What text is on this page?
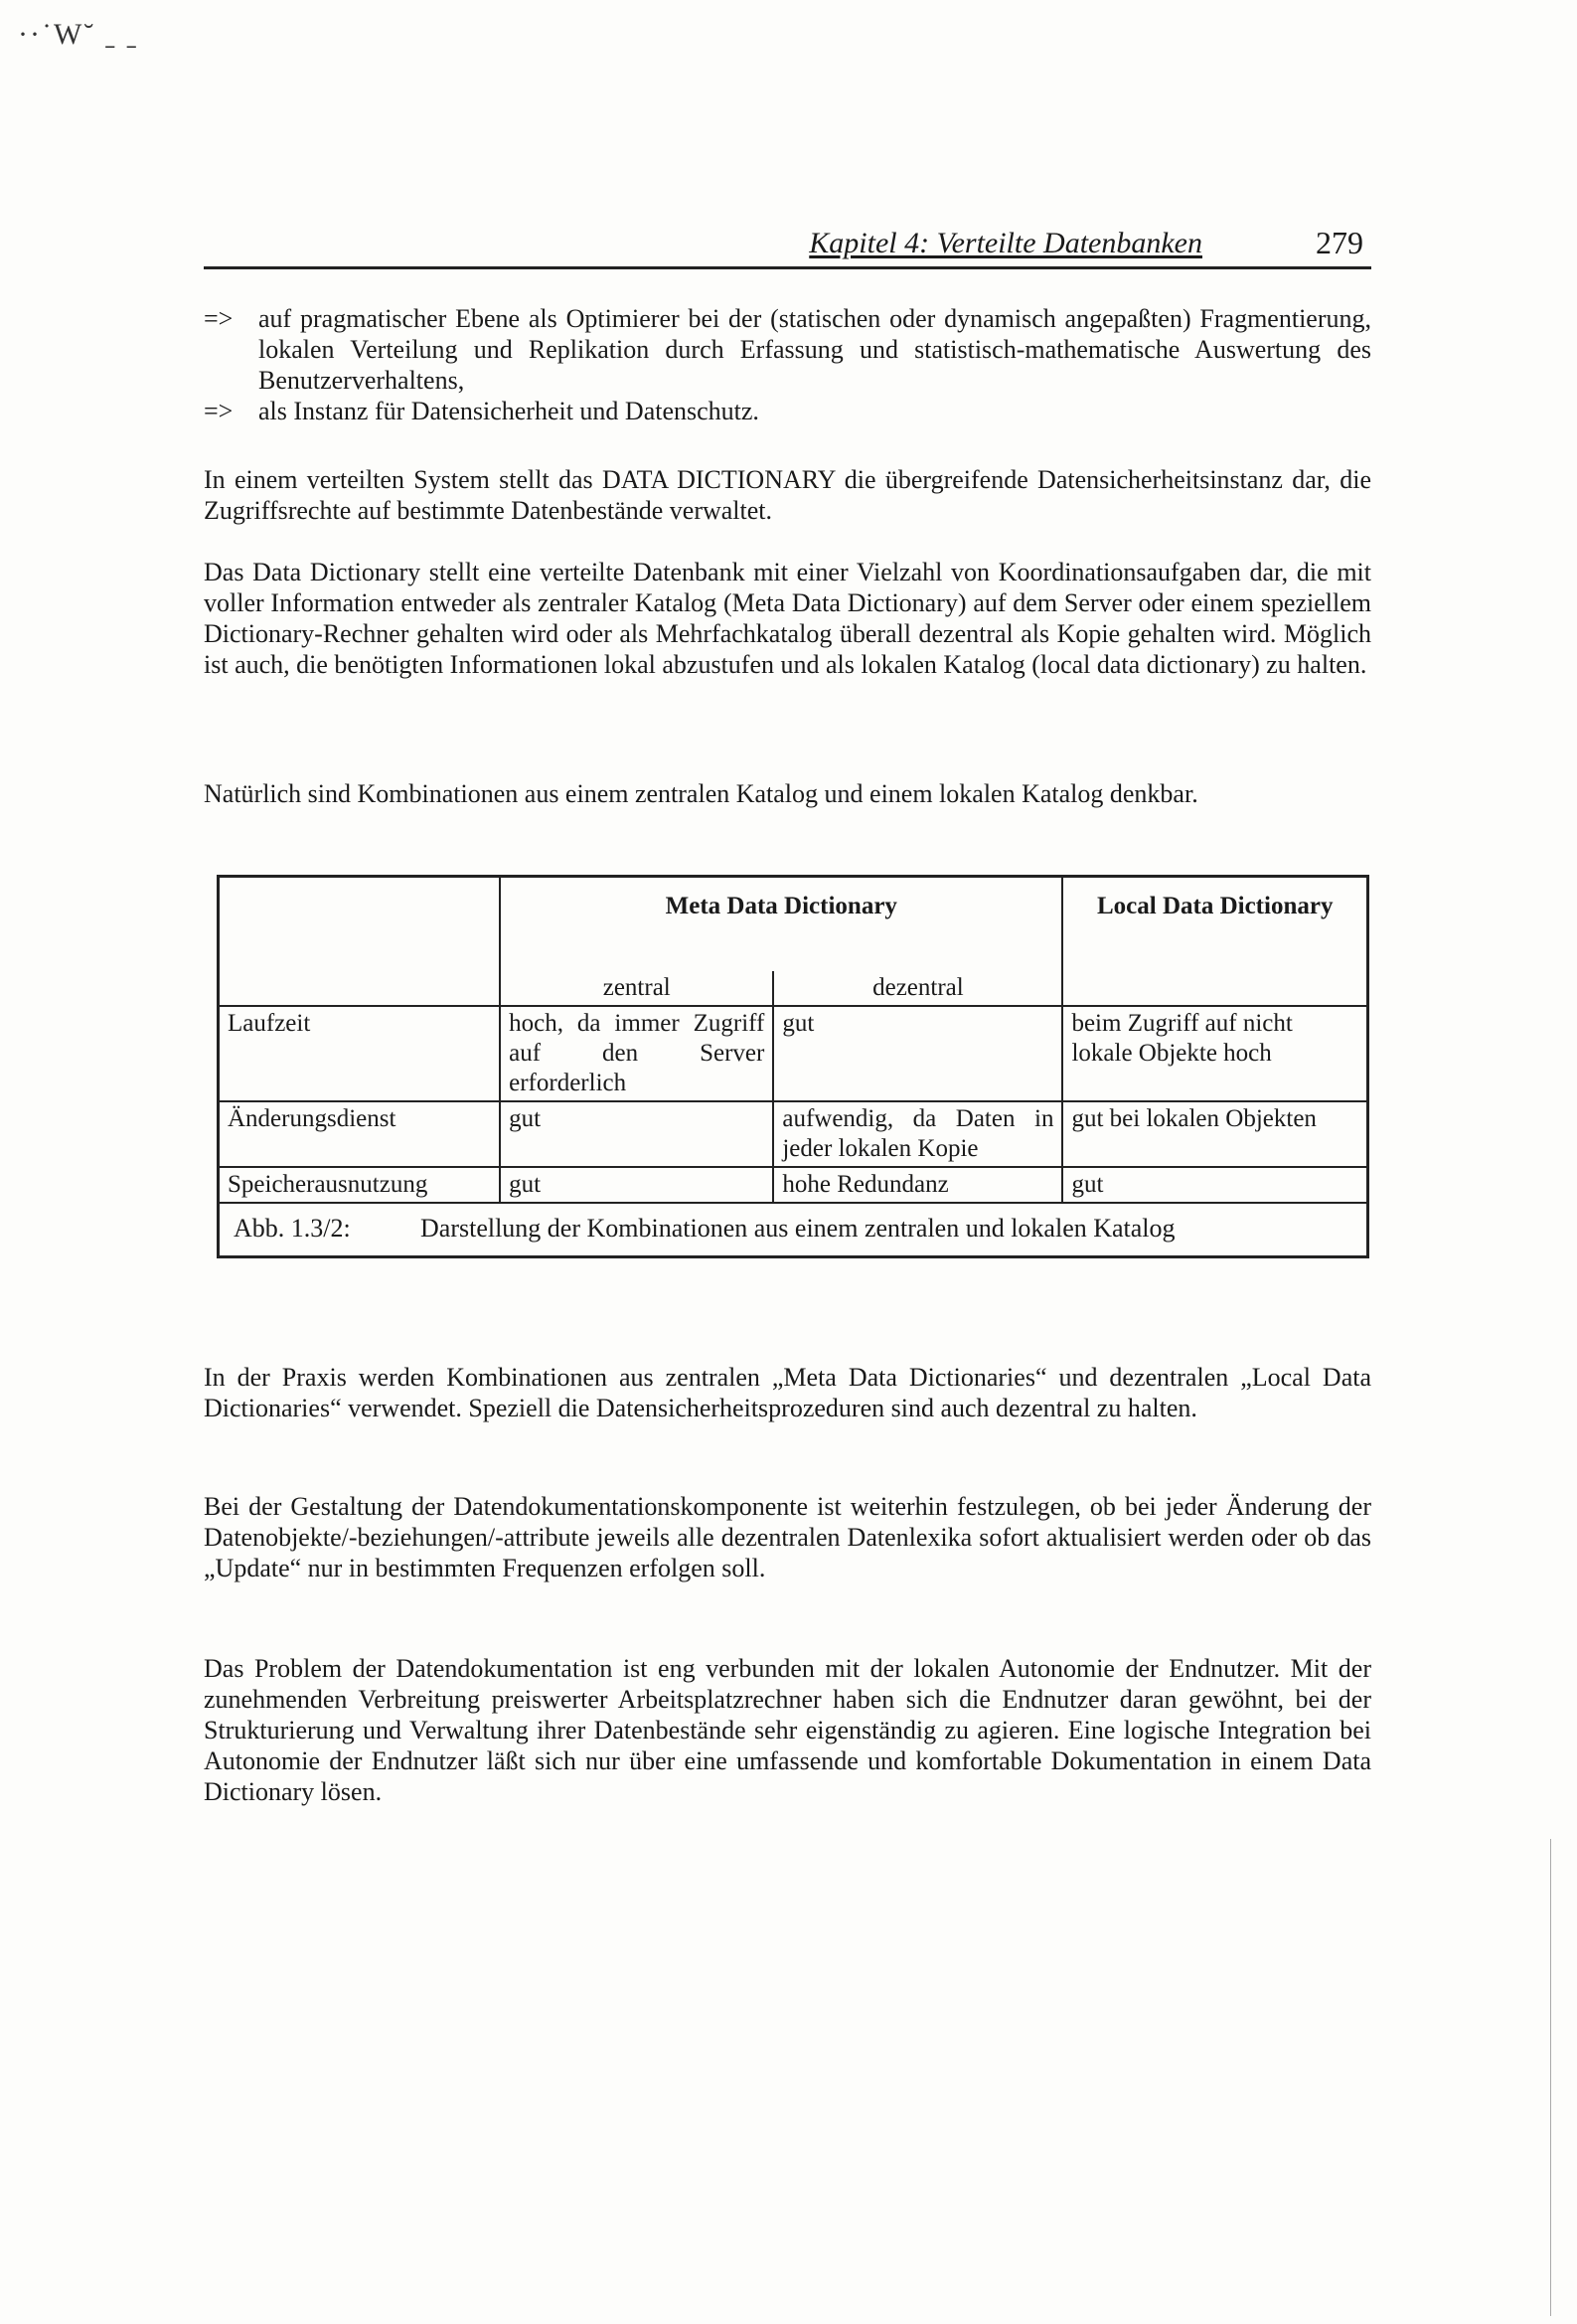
··˙W˘ ˍ ˍ
Kapitel 4: Verteilte Datenbanken	279
=> auf pragmatischer Ebene als Optimierer bei der (statischen oder dynamisch angepaßten) Fragmentierung, lokalen Verteilung und Replikation durch Erfassung und statistisch-mathematische Auswertung des Benutzerverhaltens,
=> als Instanz für Datensicherheit und Datenschutz.
In einem verteilten System stellt das DATA DICTIONARY die übergreifende Datensicherheitsinstanz dar, die Zugriffsrechte auf bestimmte Datenbestände verwaltet.
Das Data Dictionary stellt eine verteilte Datenbank mit einer Vielzahl von Koordinationsaufgaben dar, die mit voller Information entweder als zentraler Katalog (Meta Data Dictionary) auf dem Server oder einem speziellem Dictionary-Rechner gehalten wird oder als Mehrfachkatalog überall dezentral als Kopie gehalten wird. Möglich ist auch, die benötigten Informationen lokal abzustufen und als lokalen Katalog (local data dictionary) zu halten.
Natürlich sind Kombinationen aus einem zentralen Katalog und einem lokalen Katalog denkbar.
	Meta Data Dictionary		Local Data Dictionary
	zentral	dezentral	
Laufzeit	hoch, da immer Zugriff auf den Server erforderlich	gut	beim Zugriff auf nicht lokale Objekte hoch
Änderungsdienst	gut	aufwendig, da Daten in jeder lokalen Kopie	gut bei lokalen Objekten
Speicherausnutzung	gut	hohe Redundanz	gut
Abb. 1.3/2: Darstellung der Kombinationen aus einem zentralen und lokalen Katalog			
In der Praxis werden Kombinationen aus zentralen „Meta Data Dictionaries“ und dezentralen „Local Data Dictionaries“ verwendet. Speziell die Datensicherheitsprozeduren sind auch dezentral zu halten.
Bei der Gestaltung der Datendokumentationskomponente ist weiterhin festzulegen, ob bei jeder Änderung der Datenobjekte/-beziehungen/-attribute jeweils alle dezentralen Datenlexika sofort aktualisiert werden oder ob das „Update“ nur in bestimmten Frequenzen erfolgen soll.
Das Problem der Datendokumentation ist eng verbunden mit der lokalen Autonomie der Endnutzer. Mit der zunehmenden Verbreitung preiswerter Arbeitsplatzrechner haben sich die Endnutzer daran gewöhnt, bei der Strukturierung und Verwaltung ihrer Datenbestände sehr eigenständig zu agieren. Eine logische Integration bei Autonomie der Endnutzer läßt sich nur über eine umfassende und komfortable Dokumentation in einem Data Dictionary lösen.
